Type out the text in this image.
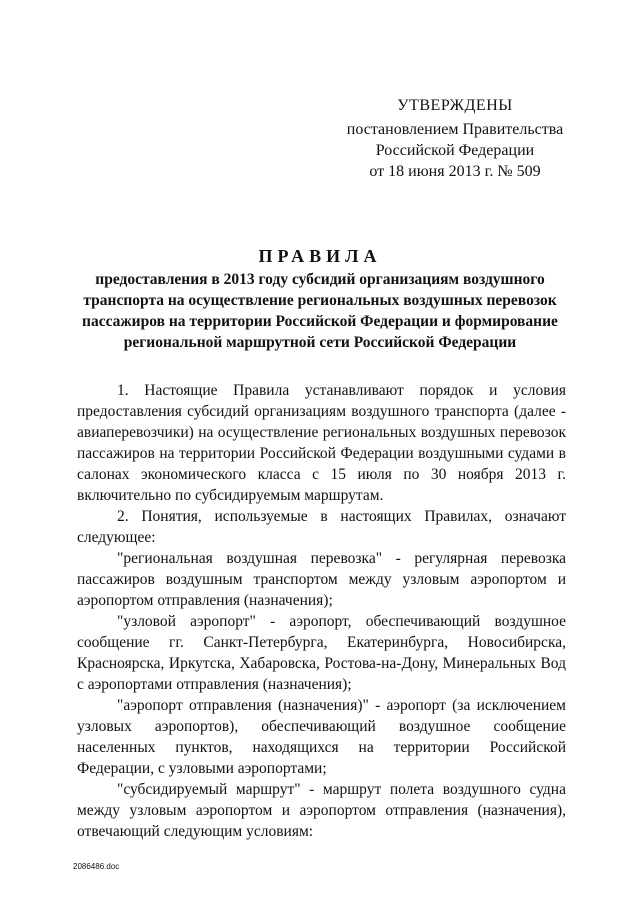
УТВЕРЖДЕНЫ
постановлением Правительства
Российской Федерации
от 18 июня 2013 г. № 509
ПРАВИЛА
предоставления в 2013 году субсидий организациям воздушного транспорта на осуществление региональных воздушных перевозок пассажиров на территории Российской Федерации и формирование региональной маршрутной сети Российской Федерации

1. Настоящие Правила устанавливают порядок и условия предоставления субсидий организациям воздушного транспорта (далее - авиаперевозчики) на осуществление региональных воздушных перевозок пассажиров на территории Российской Федерации воздушными судами в салонах экономического класса с 15 июля по 30 ноября 2013 г. включительно по субсидируемым маршрутам.

2. Понятия, используемые в настоящих Правилах, означают следующее:

"региональная воздушная перевозка" - регулярная перевозка пассажиров воздушным транспортом между узловым аэропортом и аэропортом отправления (назначения);

"узловой аэропорт" - аэропорт, обеспечивающий воздушное сообщение гг. Санкт-Петербурга, Екатеринбурга, Новосибирска, Красноярска, Иркутска, Хабаровска, Ростова-на-Дону, Минеральных Вод с аэропортами отправления (назначения);

"аэропорт отправления (назначения)" - аэропорт (за исключением узловых аэропортов), обеспечивающий воздушное сообщение населенных пунктов, находящихся на территории Российской Федерации, с узловыми аэропортами;

"субсидируемый маршрут" - маршрут полета воздушного судна между узловым аэропортом и аэропортом отправления (назначения), отвечающий следующим условиям:

2086486.doc
